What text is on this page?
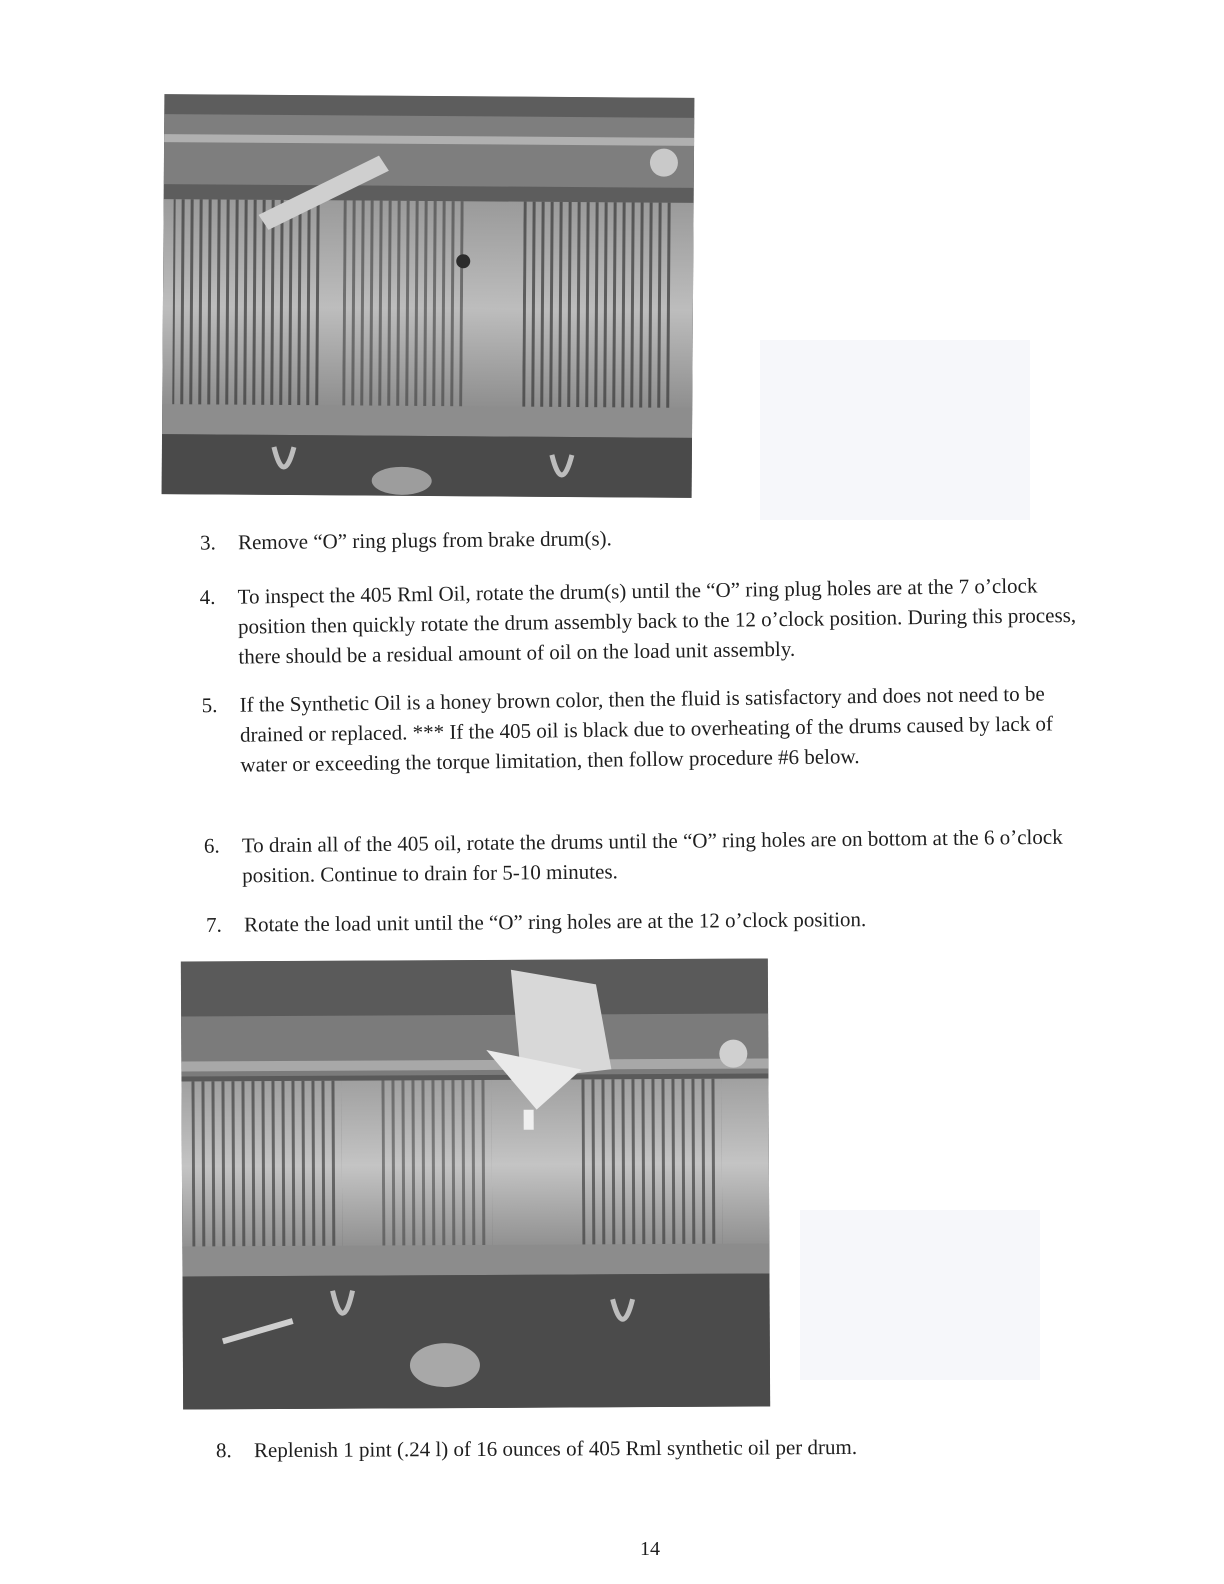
3.	Remove “O” ring plugs from brake drum(s).
4.	To inspect the 405 Rml Oil, rotate the drum(s) until the “O” ring plug holes are at the 7 o’clock position then quickly rotate the drum assembly back to the 12 o’clock position. During this process, there should be a residual amount of oil on the load unit assembly.
5.	If the Synthetic Oil is a honey brown color, then the fluid is satisfactory and does not need to be drained or replaced. *** If the 405 oil is black due to overheating of the drums caused by lack of water or exceeding the torque limitation, then follow procedure #6 below.
6.	To drain all of the 405 oil, rotate the drums until the “O” ring holes are on bottom at the 6 o’clock position. Continue to drain for 5-10 minutes.
7.	Rotate the load unit until the “O” ring holes are at the 12 o’clock position.
8.	Replenish 1 pint (.24 l) of 16 ounces of 405 Rml synthetic oil per drum.
14
